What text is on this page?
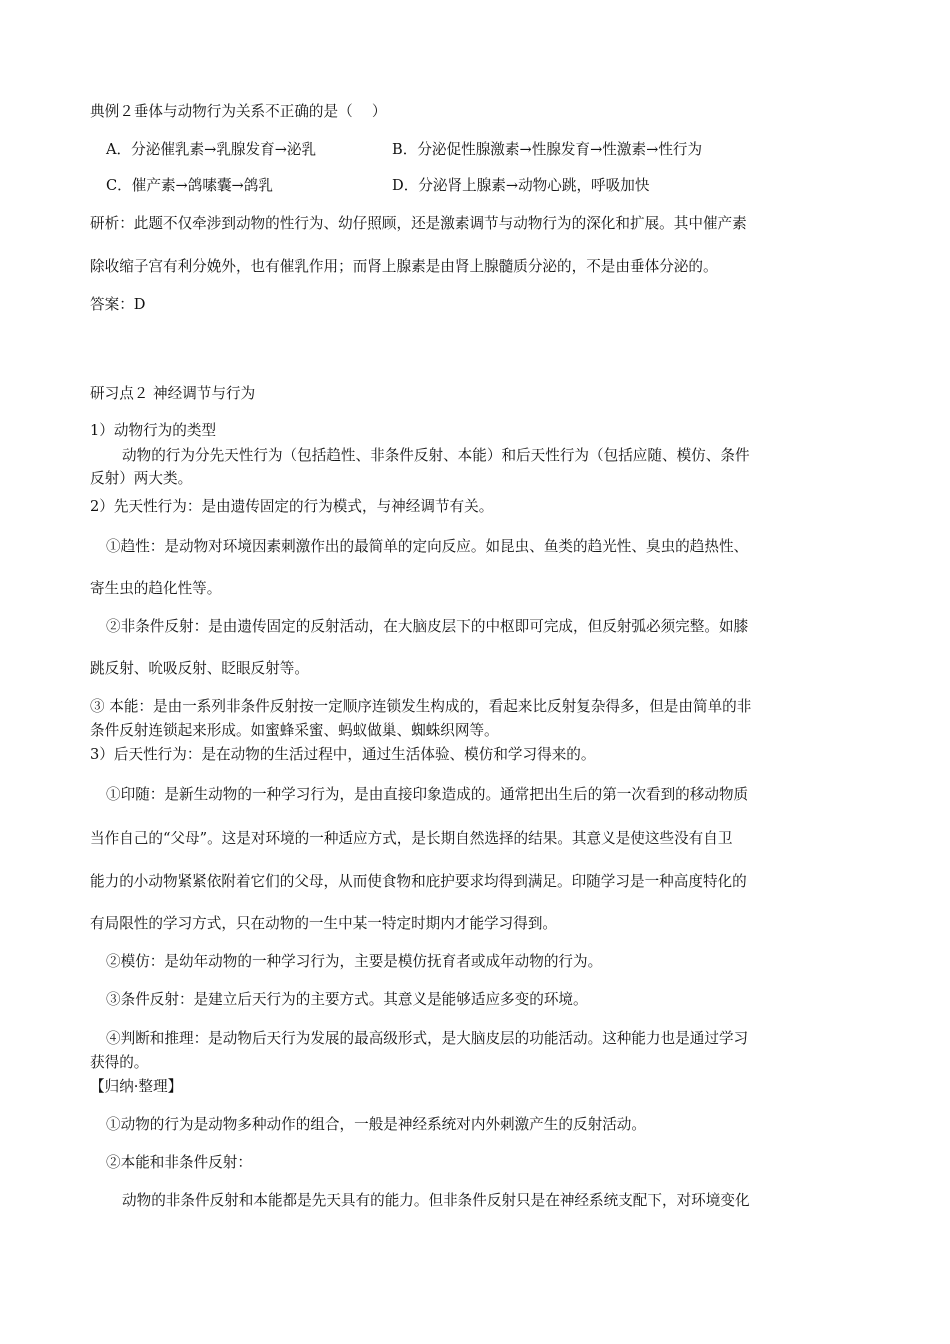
典例２垂体与动物行为关系不正确的是（　 ）
A．分泌催乳素→乳腺发育→泌乳	B．分泌促性腺激素→性腺发育→性激素→性行为
C．催产素→鸽嗉囊→鸽乳	D．分泌肾上腺素→动物心跳，呼吸加快
研析：此题不仅牵涉到动物的性行为、幼仔照顾，还是激素调节与动物行为的深化和扩展。其中催产素
除收缩子宫有利分娩外，也有催乳作用；而肾上腺素是由肾上腺髓质分泌的，不是由垂体分泌的。
答案：D
研习点２ 神经调节与行为
1）动物行为的类型
动物的行为分先天性行为（包括趋性、非条件反射、本能）和后天性行为（包括应随、模仿、条件
反射）两大类。
2）先天性行为：是由遗传固定的行为模式，与神经调节有关。
①趋性：是动物对环境因素刺激作出的最简单的定向反应。如昆虫、鱼类的趋光性、臭虫的趋热性、
寄生虫的趋化性等。
②非条件反射：是由遗传固定的反射活动，在大脑皮层下的中枢即可完成，但反射弧必须完整。如膝
跳反射、吮吸反射、眨眼反射等。
③ 本能：是由一系列非条件反射按一定顺序连锁发生构成的，看起来比反射复杂得多，但是由简单的非
条件反射连锁起来形成。如蜜蜂采蜜、蚂蚁做巢、蜘蛛织网等。
3）后天性行为：是在动物的生活过程中，通过生活体验、模仿和学习得来的。
①印随：是新生动物的一种学习行为，是由直接印象造成的。通常把出生后的第一次看到的移动物质
当作自己的“父母”。这是对环境的一种适应方式，是长期自然选择的结果。其意义是使这些没有自卫
能力的小动物紧紧依附着它们的父母，从而使食物和庇护要求均得到满足。印随学习是一种高度特化的
有局限性的学习方式，只在动物的一生中某一特定时期内才能学习得到。
②模仿：是幼年动物的一种学习行为，主要是模仿抚育者或成年动物的行为。
③条件反射：是建立后天行为的主要方式。其意义是能够适应多变的环境。
④判断和推理：是动物后天行为发展的最高级形式，是大脑皮层的功能活动。这种能力也是通过学习
获得的。
【归纳·整理】
①动物的行为是动物多种动作的组合，一般是神经系统对内外刺激产生的反射活动。
②本能和非条件反射：
动物的非条件反射和本能都是先天具有的能力。但非条件反射只是在神经系统支配下，对环境变化
